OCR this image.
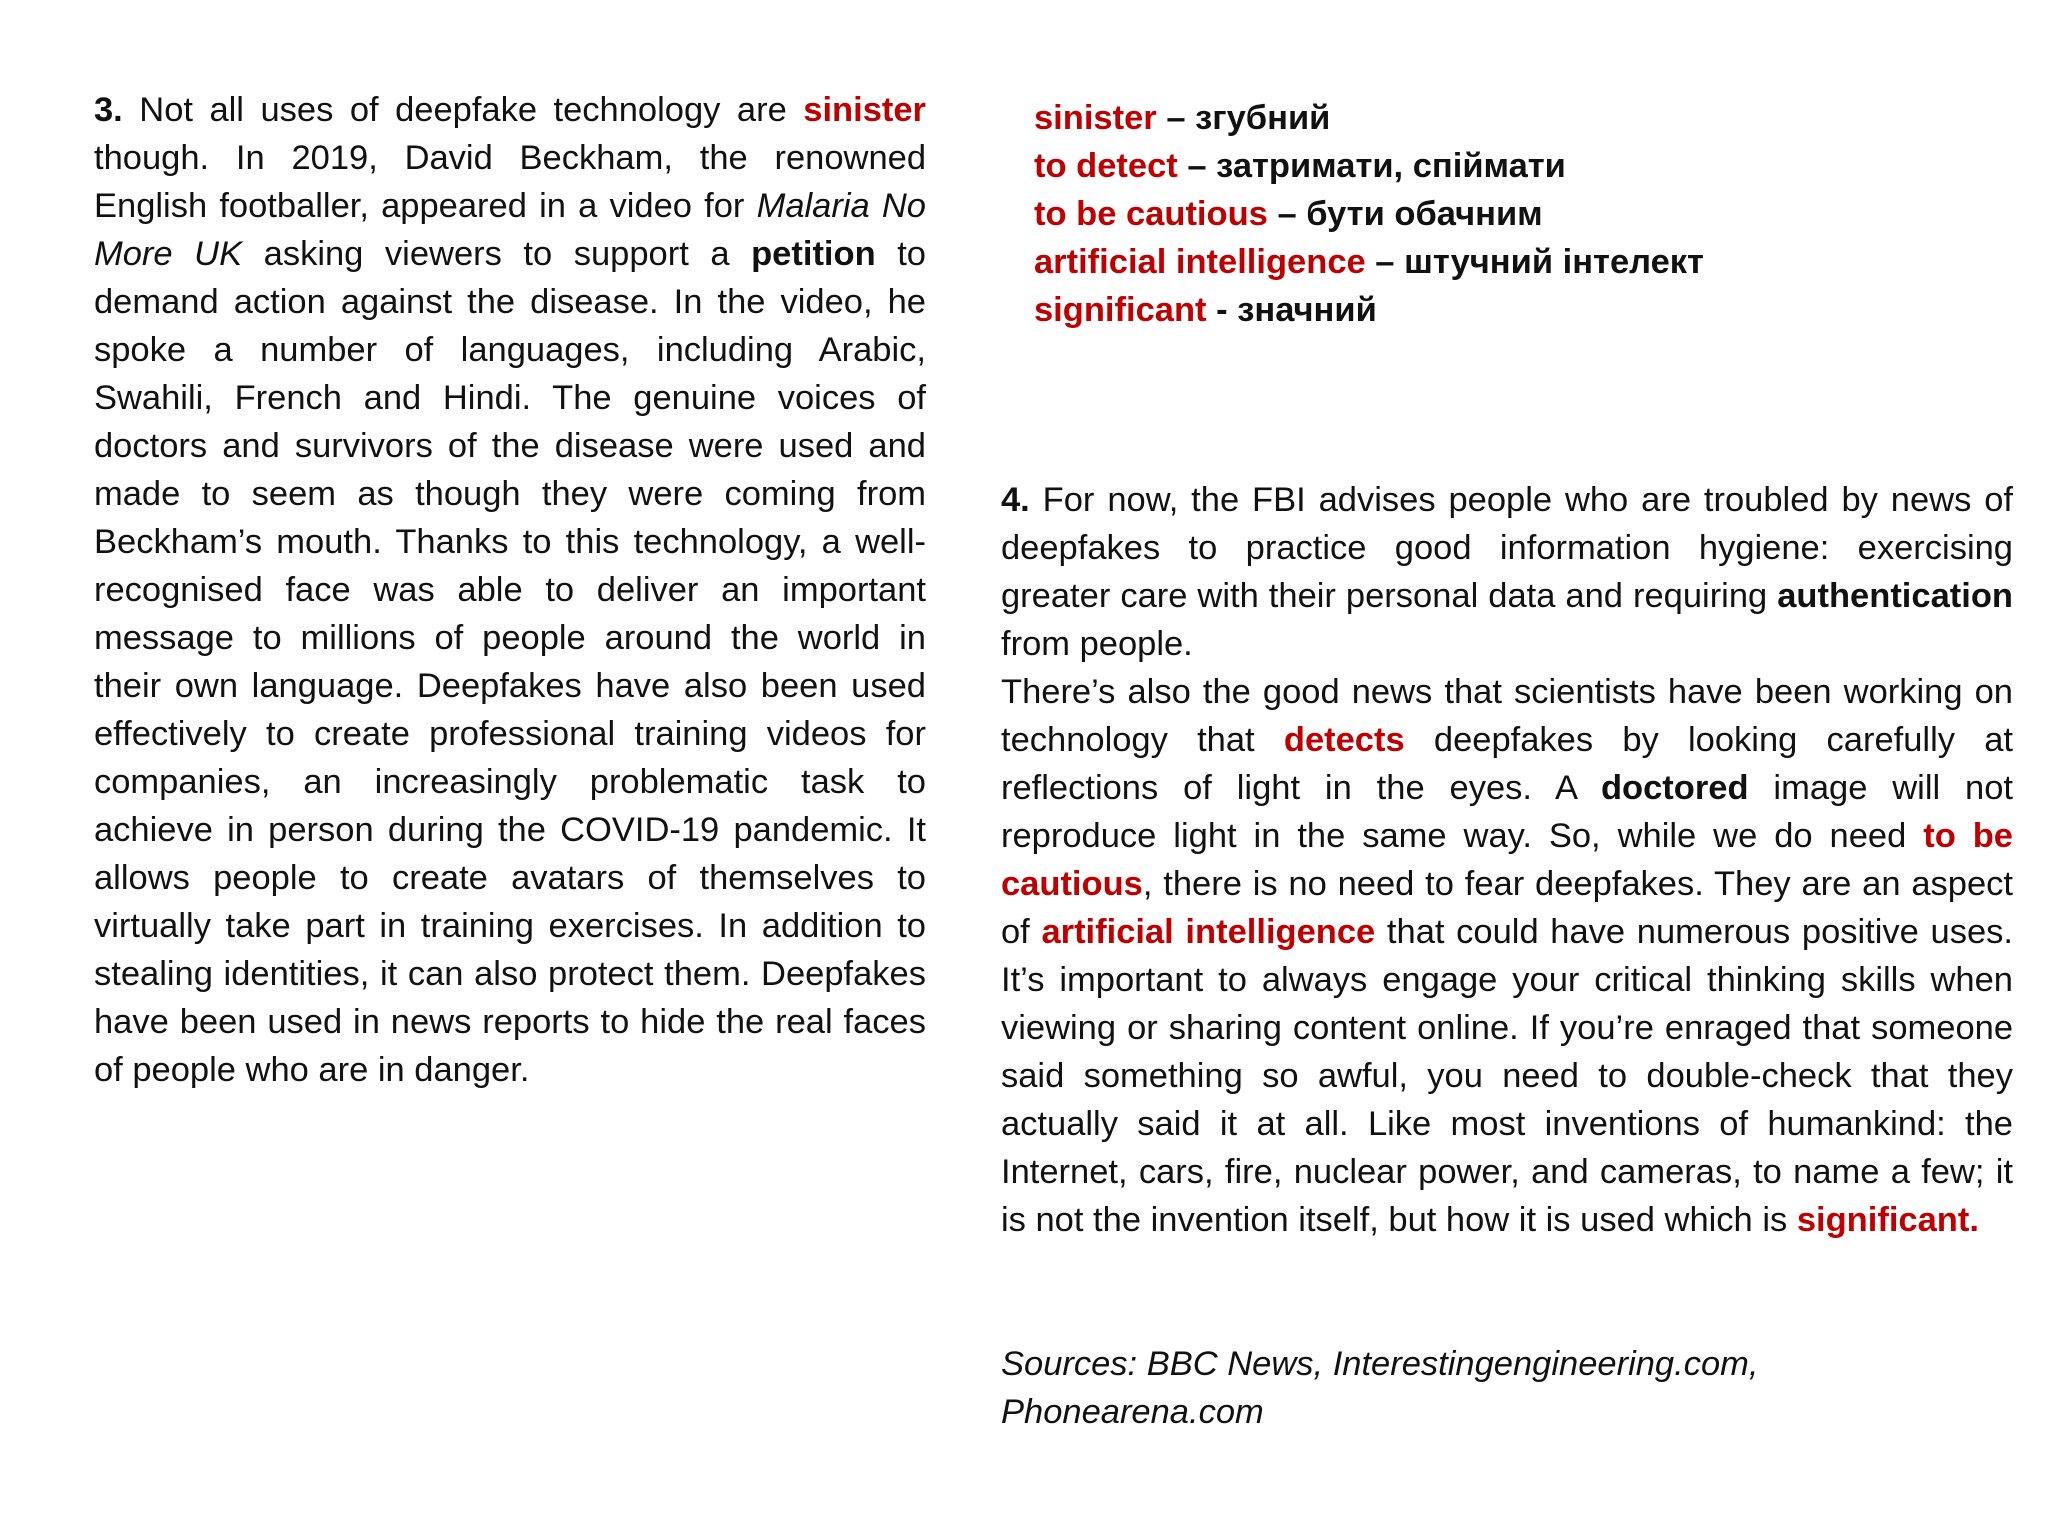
3. Not all uses of deepfake technology are sinister though. In 2019, David Beckham, the renowned English footballer, appeared in a video for Malaria No More UK asking viewers to support a petition to demand action against the disease. In the video, he spoke a number of languages, including Arabic, Swahili, French and Hindi. The genuine voices of doctors and survivors of the disease were used and made to seem as though they were coming from Beckham’s mouth. Thanks to this technology, a well-recognised face was able to deliver an important message to millions of people around the world in their own language. Deepfakes have also been used effectively to create professional training videos for companies, an increasingly problematic task to achieve in person during the COVID-19 pandemic. It allows people to create avatars of themselves to virtually take part in training exercises. In addition to stealing identities, it can also protect them. Deepfakes have been used in news reports to hide the real faces of people who are in danger.

sinister – згубний
to detect – затримати, спіймати
to be cautious – бути обачним
artificial intelligence – штучний інтелект
significant - значний

4. For now, the FBI advises people who are troubled by news of deepfakes to practice good information hygiene: exercising greater care with their personal data and requiring authentication from people.

There’s also the good news that scientists have been working on technology that detects deepfakes by looking carefully at reflections of light in the eyes. A doctored image will not reproduce light in the same way. So, while we do need to be cautious, there is no need to fear deepfakes. They are an aspect of artificial intelligence that could have numerous positive uses. It’s important to always engage your critical thinking skills when viewing or sharing content online. If you’re enraged that someone said something so awful, you need to double-check that they actually said it at all. Like most inventions of humankind: the Internet, cars, fire, nuclear power, and cameras, to name a few; it is not the invention itself, but how it is used which is significant.

Sources: BBC News, Interestingengineering.com,
Phonearena.com
